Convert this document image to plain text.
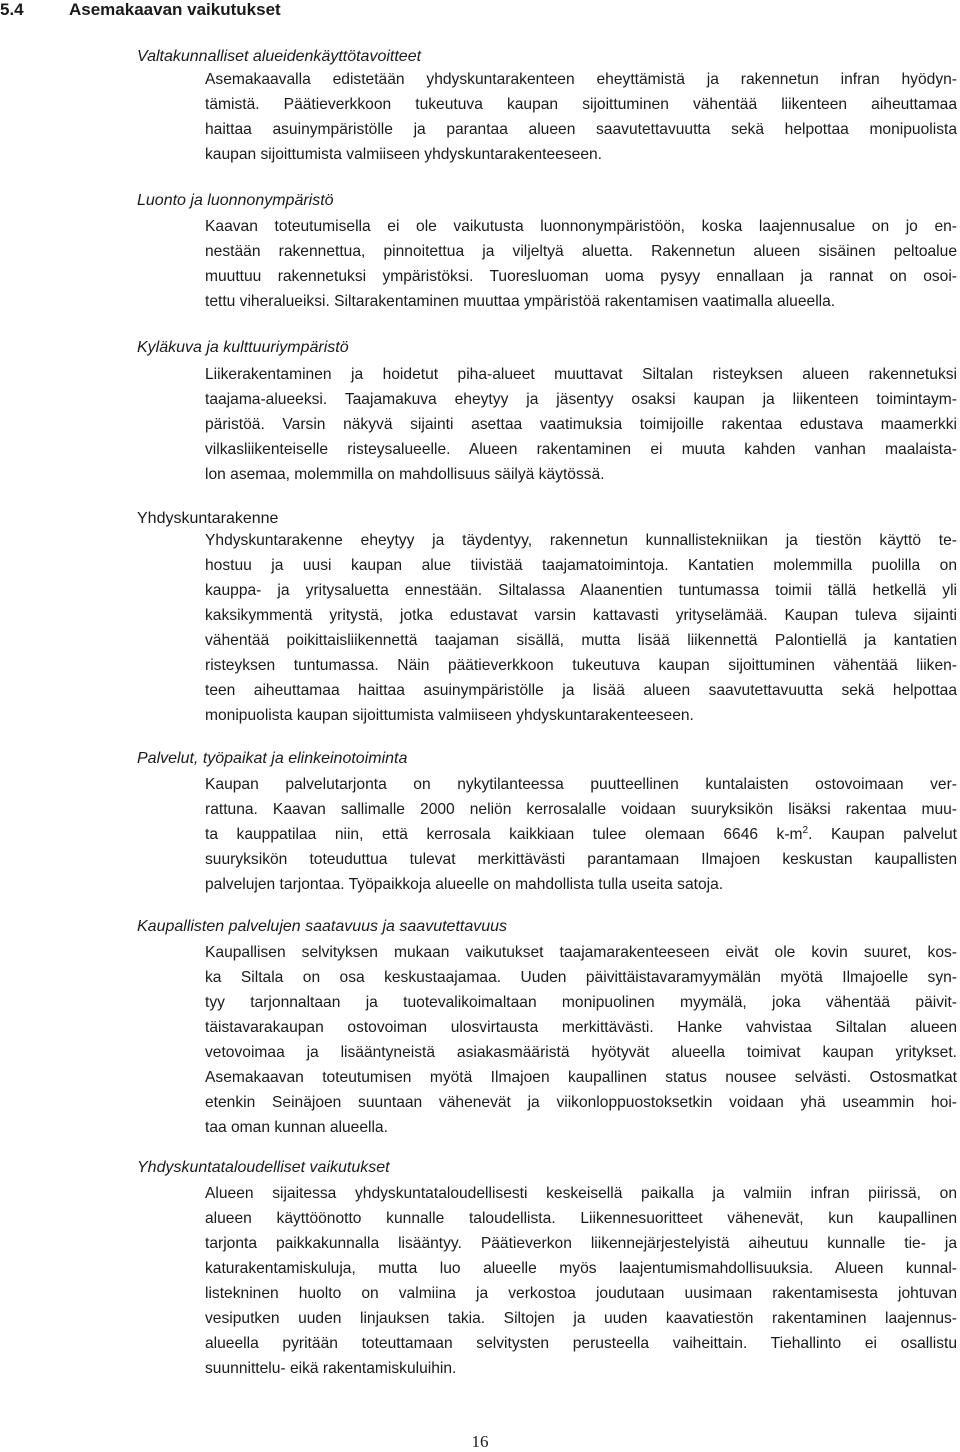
5.4	Asemakaavan vaikutukset
Valtakunnalliset alueidenkäyttötavoitteet
Asemakaavalla edistetään yhdyskuntarakenteen eheyttämistä ja rakennetun infran hyödyn-
tämistä. Päätieverkkoon tukeutuva kaupan sijoittuminen vähentää liikenteen aiheuttamaa
haittaa asuinympäristölle ja parantaa alueen saavutettavuutta sekä helpottaa monipuolista
kaupan sijoittumista valmiiseen yhdyskuntarakenteeseen.
Luonto ja luonnonympäristö
Kaavan toteutumisella ei ole vaikutusta luonnonympäristöön, koska laajennusalue on jo en-
nestään rakennettua, pinnoitettua ja viljeltyä aluetta. Rakennetun alueen sisäinen peltoalue
muuttuu rakennetuksi ympäristöksi. Tuoresluoman uoma pysyy ennallaan ja rannat on osoi-
tettu viheralueiksi. Siltarakentaminen muuttaa ympäristöä rakentamisen vaatimalla alueella.
Kyläkuva ja kulttuuriympäristö
Liikerakentaminen ja hoidetut piha-alueet muuttavat Siltalan risteyksen alueen rakennetuksi
taajama-alueeksi. Taajamakuva eheytyy ja jäsentyy osaksi kaupan ja liikenteen toimintaym-
päristöä. Varsin näkyvä sijainti asettaa vaatimuksia toimijoille rakentaa edustava maamerkki
vilkasliikenteiselle risteysalueelle. Alueen rakentaminen ei muuta kahden vanhan maalaista-
lon asemaa, molemmilla on mahdollisuus säilyä käytössä.
Yhdyskuntarakenne
Yhdyskuntarakenne eheytyy ja täydentyy, rakennetun kunnallistekniikan ja tiestön käyttö te-
hostuu ja uusi kaupan alue tiivistää taajamatoimintoja. Kantatien molemmilla puolilla on
kauppa- ja yritysaluetta ennestään. Siltalassa Alaanentien tuntumassa toimii tällä hetkellä yli
kaksikymmentä yritystä, jotka edustavat varsin kattavasti yrityselämää. Kaupan tuleva sijainti
vähentää poikittaisliikennettä taajaman sisällä, mutta lisää liikennettä Palontiellä ja kantatien
risteyksen tuntumassa. Näin päätieverkkoon tukeutuva kaupan sijoittuminen vähentää liiken-
teen aiheuttamaa haittaa asuinympäristölle ja lisää alueen saavutettavuutta sekä helpottaa
monipuolista kaupan sijoittumista valmiiseen yhdyskuntarakenteeseen.
Palvelut, työpaikat ja elinkeinotoiminta
Kaupan palvelutarjonta on nykytilanteessa puutteellinen kuntalaisten ostovoimaan ver-
rattuna. Kaavan sallimalle 2000 neliön kerrosalalle voidaan suuryksikön lisäksi rakentaa muu-
ta kauppatilaa niin, että kerrosala kaikkiaan tulee olemaan 6646 $k-m^2$. Kaupan palvelut
suuryksikön toteuduttua tulevat merkittävästi parantamaan Ilmajoen keskustan kaupallisten
palvelujen tarjontaa. Työpaikkoja alueelle on mahdollista tulla useita satoja.
Kaupallisten palvelujen saatavuus ja saavutettavuus
Kaupallisen selvityksen mukaan vaikutukset taajamarakenteeseen eivät ole kovin suuret, kos-
ka Siltala on osa keskustaajamaa. Uuden päivittäistavaramyymälän myötä Ilmajoelle syn-
tyy tarjonnaltaan ja tuotevalikoimaltaan monipuolinen myymälä, joka vähentää päivit-
täistavarakaupan ostovoiman ulosvirtausta merkittävästi. Hanke vahvistaa Siltalan alueen
vetovoimaa ja lisääntyneistä asiakasmääristä hyötyvät alueella toimivat kaupan yritykset.
Asemakaavan toteutumisen myötä Ilmajoen kaupallinen status nousee selvästi. Ostosmatkat
etenkin Seinäjoen suuntaan vähenevät ja viikonloppuostoksetkin voidaan yhä useammin hoi-
taa oman kunnan alueella.
Yhdyskuntataloudelliset vaikutukset
Alueen sijaitessa yhdyskuntataloudellisesti keskeisellä paikalla ja valmiin infran piirissä, on
alueen käyttöönotto kunnalle taloudellista. Liikennesuoritteet vähenevät, kun kaupallinen
tarjonta paikkakunnalla lisääntyy. Päätieverkon liikennejärjestelyistä aiheutuu kunnalle tie- ja
katurakentamiskuluja, mutta luo alueelle myös laajentumismahdollisuuksia. Alueen kunnal-
listekninen huolto on valmiina ja verkostoa joudutaan uusimaan rakentamisesta johtuvan
vesiputken uuden linjauksen takia. Siltojen ja uuden kaavatiestön rakentaminen laajennus-
alueella pyritään toteuttamaan selvitysten perusteella vaiheittain. Tiehallinto ei osallistu
suunnittelu- eikä rakentamiskuluihin.
16
